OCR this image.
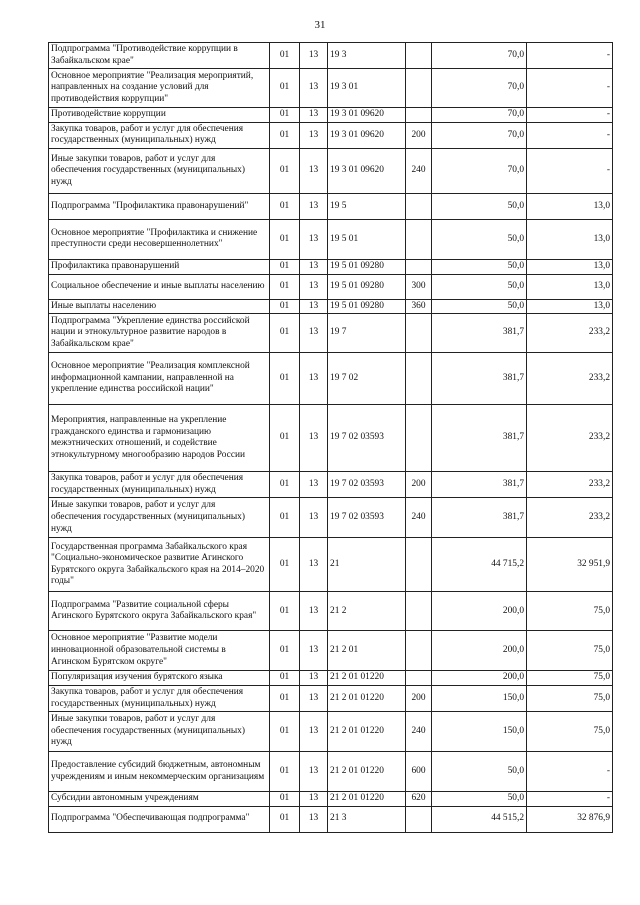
31
Подпрограмма "Противодействие коррупции в Забайкальском крае"	01	13	19 3		70,0	-
Основное мероприятие "Реализация мероприятий, направленных на создание условий для противодействия коррупции"	01	13	19 3 01		70,0	-
Противодействие коррупции	01	13	19 3 01 09620		70,0	-
Закупка товаров, работ и услуг для обеспечения государственных (муниципальных) нужд	01	13	19 3 01 09620	200	70,0	-
Иные закупки товаров, работ и услуг для обеспечения государственных (муниципальных) нужд	01	13	19 3 01 09620	240	70,0	-
Подпрограмма "Профилактика правонарушений"	01	13	19 5		50,0	13,0
Основное мероприятие "Профилактика и снижение преступности среди несовершеннолетних"	01	13	19 5 01		50,0	13,0
Профилактика правонарушений	01	13	19 5 01 09280		50,0	13,0
Социальное обеспечение и иные выплаты населению	01	13	19 5 01 09280	300	50,0	13,0
Иные выплаты населению	01	13	19 5 01 09280	360	50,0	13,0
Подпрограмма "Укрепление единства российской нации и этнокультурное развитие народов в Забайкальском крае"	01	13	19 7		381,7	233,2
Основное мероприятие "Реализация комплексной информационной кампании, направленной на укрепление единства российской нации"	01	13	19 7 02		381,7	233,2
Мероприятия, направленные на укрепление гражданского единства и гармонизацию межэтнических отношений, и содействие этнокультурному многообразию народов России	01	13	19 7 02 03593		381,7	233,2
Закупка товаров, работ и услуг для обеспечения государственных (муниципальных) нужд	01	13	19 7 02 03593	200	381,7	233,2
Иные закупки товаров, работ и услуг для обеспечения государственных (муниципальных) нужд	01	13	19 7 02 03593	240	381,7	233,2
Государственная программа Забайкальского края "Социально-экономическое развитие Агинского Бурятского округа Забайкальского края на 2014–2020 годы"	01	13	21		44 715,2	32 951,9
Подпрограмма "Развитие социальной сферы Агинского Бурятского округа Забайкальского края"	01	13	21 2		200,0	75,0
Основное мероприятие "Развитие модели инновационной образовательной системы в Агинском Бурятском округе"	01	13	21 2 01		200,0	75,0
Популяризация изучения бурятского языка	01	13	21 2 01 01220		200,0	75,0
Закупка товаров, работ и услуг для обеспечения государственных (муниципальных) нужд	01	13	21 2 01 01220	200	150,0	75,0
Иные закупки товаров, работ и услуг для обеспечения государственных (муниципальных) нужд	01	13	21 2 01 01220	240	150,0	75,0
Предоставление субсидий бюджетным, автономным учреждениям и иным некоммерческим организациям	01	13	21 2 01 01220	600	50,0	-
Субсидии автономным учреждениям	01	13	21 2 01 01220	620	50,0	-
Подпрограмма "Обеспечивающая подпрограмма"	01	13	21 3		44 515,2	32 876,9
